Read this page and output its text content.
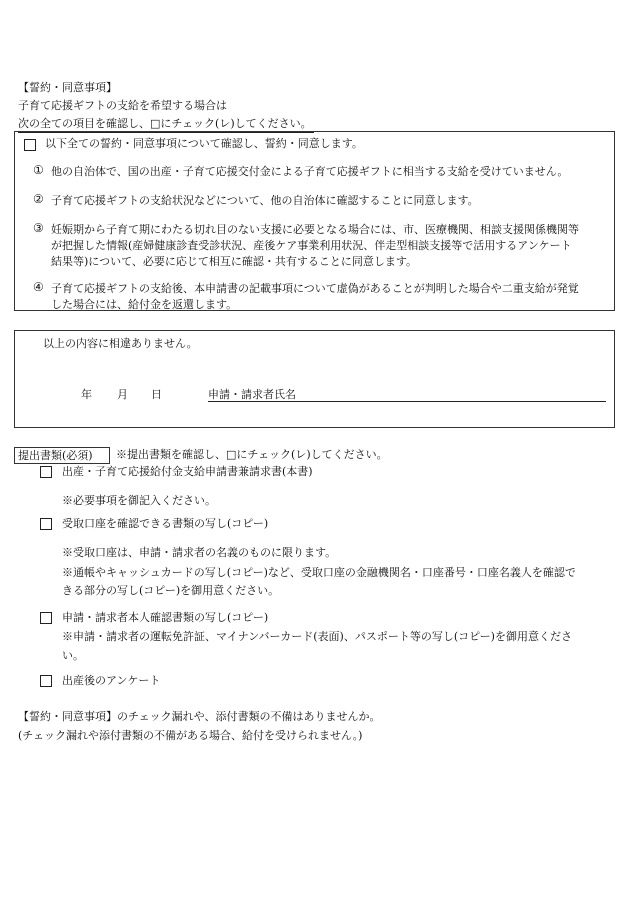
【誓約・同意事項】
子育て応援ギフトの支給を希望する場合は
次の全ての項目を確認し、□にチェック(レ)してください。
以下全ての誓約・同意事項について確認し、誓約・同意します。
① 他の自治体で、国の出産・子育て応援交付金による子育て応援ギフトに相当する支給を受けていません。
② 子育て応援ギフトの支給状況などについて、他の自治体に確認することに同意します。
③ 妊娠期から子育て期にわたる切れ目のない支援に必要となる場合には、市、医療機関、相談支援関係機関等
が把握した情報(産婦健康診査受診状況、産後ケア事業利用状況、伴走型相談支援等で活用するアンケート
結果等)について、必要に応じて相互に確認・共有することに同意します。
④ 子育て応援ギフトの支給後、本申請書の記載事項について虚偽があることが判明した場合や二重支給が発覚
した場合には、給付金を返還します。
以上の内容に相違ありません。
年 月 日	申請・請求者氏名
提出書類(必須) ※提出書類を確認し、□にチェック(レ)してください。
出産・子育て応援給付金支給申請書兼請求書(本書)
※必要事項を御記入ください。
受取口座を確認できる書類の写し(コピー)
※受取口座は、申請・請求者の名義のものに限ります。
※通帳やキャッシュカードの写し(コピー)など、受取口座の金融機関名・口座番号・口座名義人を確認で
きる部分の写し(コピー)を御用意ください。
申請・請求者本人確認書類の写し(コピー)
※申請・請求者の運転免許証、マイナンバーカード(表面)、パスポート等の写し(コピー)を御用意くださ
い。
出産後のアンケート
【誓約・同意事項】のチェック漏れや、添付書類の不備はありませんか。
(チェック漏れや添付書類の不備がある場合、給付を受けられません。)
